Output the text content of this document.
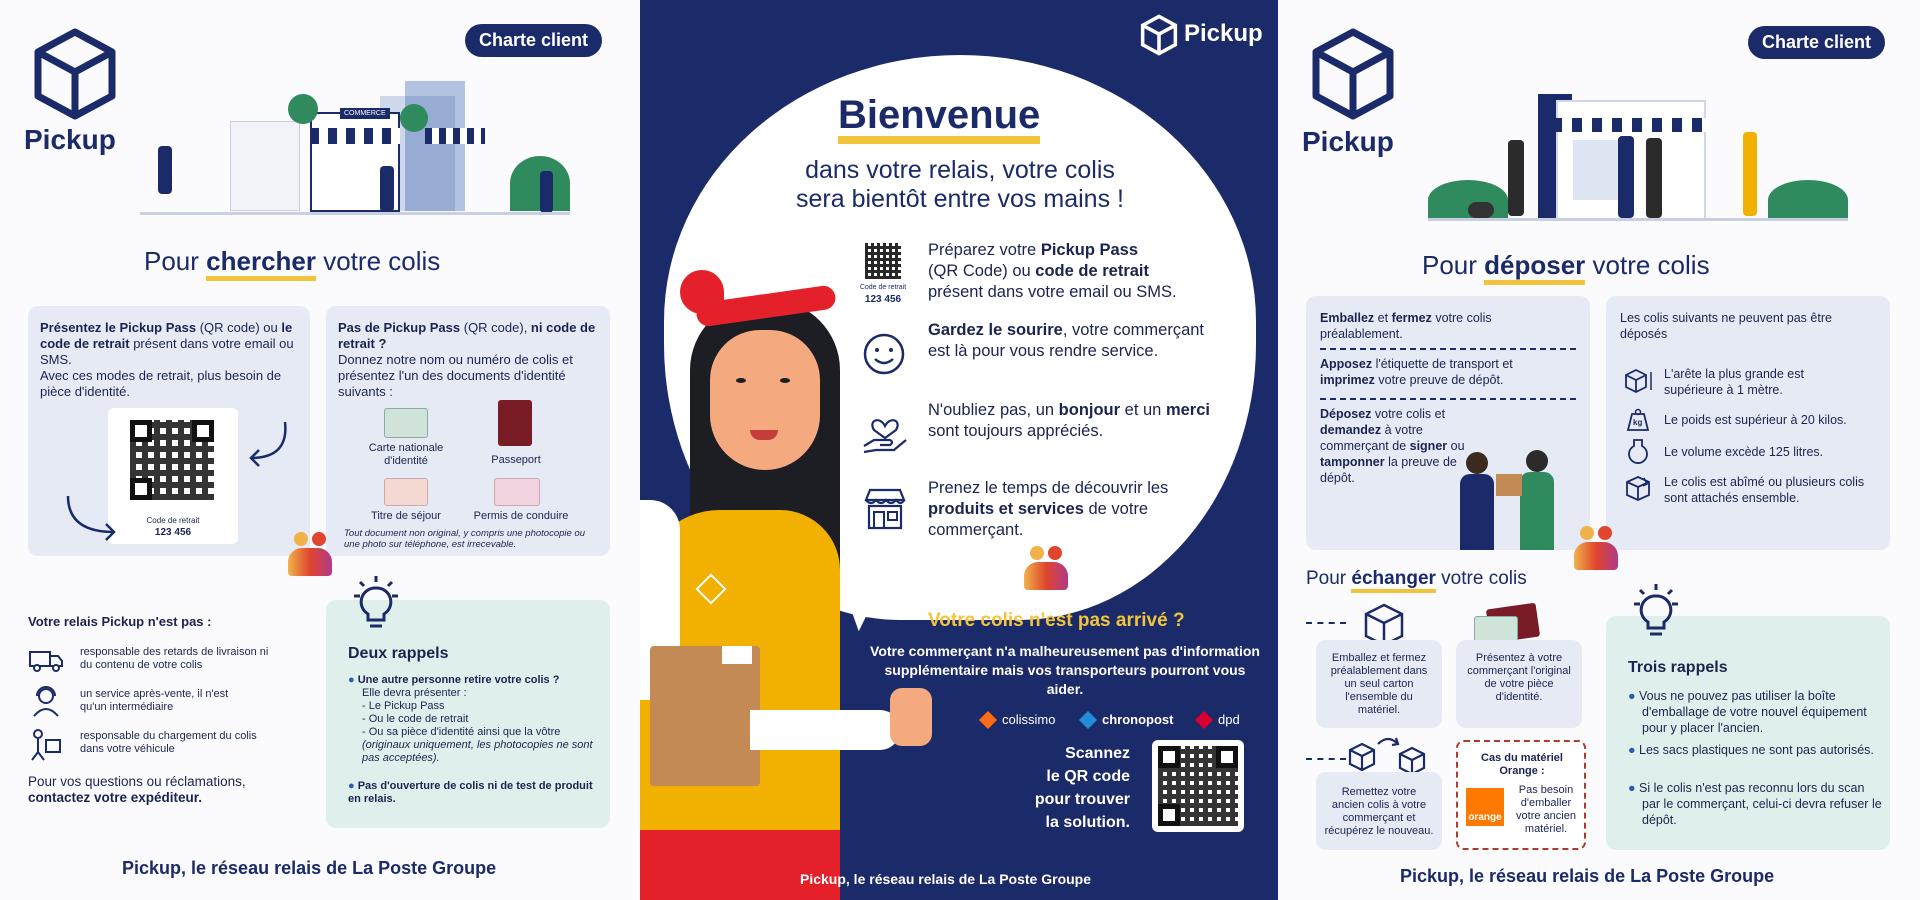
Pickup
Charte client
COMMERCE
Pour chercher votre colis
Présentez le Pickup Pass (QR code) ou le code de retrait présent dans votre email ou SMS.
Avec ces modes de retrait, plus besoin de pièce d'identité.
Code de retrait
123 456
Pas de Pickup Pass (QR code), ni code de retrait ?
Donnez notre nom ou numéro de colis et présentez l'un des documents d'identité suivants :
Carte nationale d'identité	Passeport
Titre de séjour	Permis de conduire
Tout document non original, y compris une photocopie ou une photo sur téléphone, est irrecevable.
Votre relais Pickup n'est pas :
responsable des retards de livraison ni du contenu de votre colis
un service après-vente, il n'est qu'un intermédiaire
responsable du chargement du colis dans votre véhicule
Pour vos questions ou réclamations,
contactez votre expéditeur.
Deux rappels
● Une autre personne retire votre colis ?
Elle devra présenter :
- Le Pickup Pass
- Ou le code de retrait
- Ou sa pièce d'identité ainsi que la vôtre
(originaux uniquement, les photocopies ne sont pas acceptées).
● Pas d'ouverture de colis ni de test de produit en relais.
Pickup, le réseau relais de La Poste Groupe
Pickup
Bienvenue
dans votre relais, votre colis
sera bientôt entre vos mains !
Code de retrait
123 456
Préparez votre Pickup Pass
(QR Code) ou code de retrait
présent dans votre email ou SMS.
Gardez le sourire, votre commerçant est là pour vous rendre service.
N'oubliez pas, un bonjour et un merci sont toujours appréciés.
Prenez le temps de découvrir les produits et services de votre commerçant.
Votre colis n'est pas arrivé ?
Votre commerçant n'a malheureusement pas d'information supplémentaire mais vos transporteurs pourront vous aider.
colissimo	chronopost	dpd
Scannez
le QR code
pour trouver
la solution.
Pickup, le réseau relais de La Poste Groupe
Pickup
Charte client
Pour déposer votre colis
Emballez et fermez votre colis préalablement.
Apposez l'étiquette de transport et imprimez votre preuve de dépôt.
Déposez votre colis et demandez à votre commerçant de signer ou tamponner la preuve de dépôt.
Les colis suivants ne peuvent pas être déposés
L'arête la plus grande est supérieure à 1 mètre.
kg Le poids est supérieur à 20 kilos.
Le volume excède 125 litres.
Le colis est abîmé ou plusieurs colis sont attachés ensemble.
Pour échanger votre colis
Emballez et fermez préalablement dans un seul carton l'ensemble du matériel.
Présentez à votre commerçant l'original de votre pièce d'identité.
Remettez votre ancien colis à votre commerçant et récupérez le nouveau.
Cas du matériel Orange :
orange
Pas besoin d'emballer votre ancien matériel.
Trois rappels
● Vous ne pouvez pas utiliser la boîte d'emballage de votre nouvel équipement pour y placer l'ancien.
● Les sacs plastiques ne sont pas autorisés.
● Si le colis n'est pas reconnu lors du scan par le commerçant, celui-ci devra refuser le dépôt.
Pickup, le réseau relais de La Poste Groupe
